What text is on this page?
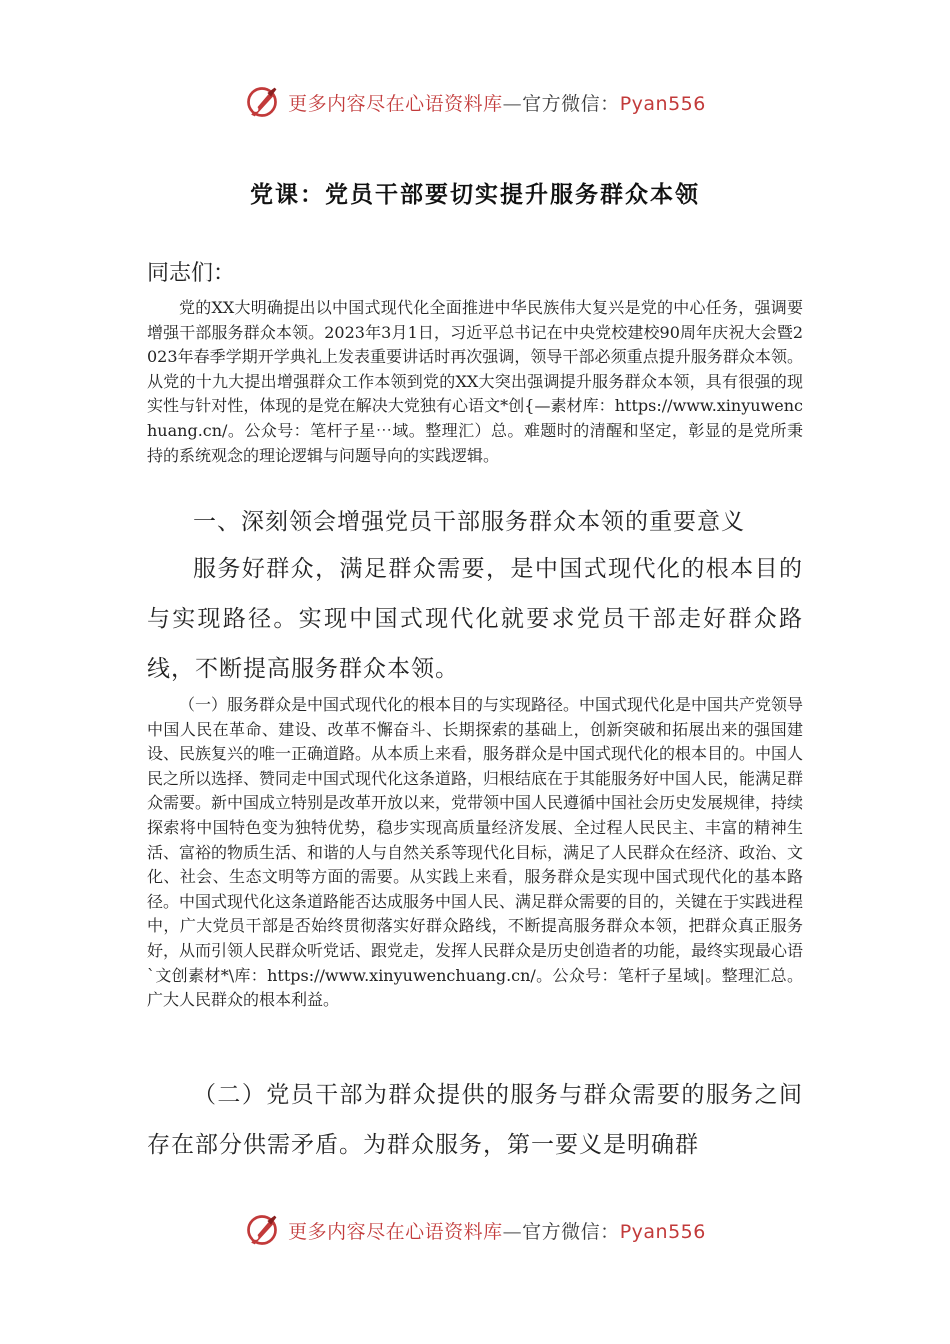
更多内容尽在心语资料库—官方微信：Pyan556
党课：党员干部要切实提升服务群众本领
同志们：

党的XX大明确提出以中国式现代化全面推进中华民族伟大复兴是党的中心任务，强调要增强干部服务群众本领。2023年3月1日，习近平总书记在中央党校建校90周年庆祝大会暨2023年春季学期开学典礼上发表重要讲话时再次强调，领导干部必须重点提升服务群众本领。从党的十九大提出增强群众工作本领到党的XX大突出强调提升服务群众本领，具有很强的现实性与针对性，体现的是党在解决大党独有心语文*创{—素材库：https://www.xinyuwenchuang.cn/。公众号：笔杆子星⋯域。整理汇）总。难题时的清醒和坚定，彰显的是党所秉持的系统观念的理论逻辑与问题导向的实践逻辑。

一、深刻领会增强党员干部服务群众本领的重要意义

服务好群众，满足群众需要，是中国式现代化的根本目的与实现路径。实现中国式现代化就要求党员干部走好群众路线，不断提高服务群众本领。

（一）服务群众是中国式现代化的根本目的与实现路径。中国式现代化是中国共产党领导中国人民在革命、建设、改革不懈奋斗、长期探索的基础上，创新突破和拓展出来的强国建设、民族复兴的唯一正确道路。从本质上来看，服务群众是中国式现代化的根本目的。中国人民之所以选择、赞同走中国式现代化这条道路，归根结底在于其能服务好中国人民，能满足群众需要。新中国成立特别是改革开放以来，党带领中国人民遵循中国社会历史发展规律，持续探索将中国特色变为独特优势，稳步实现高质量经济发展、全过程人民民主、丰富的精神生活、富裕的物质生活、和谐的人与自然关系等现代化目标，满足了人民群众在经济、政治、文化、社会、生态文明等方面的需要。从实践上来看，服务群众是实现中国式现代化的基本路径。中国式现代化这条道路能否达成服务中国人民、满足群众需要的目的，关键在于实践进程中，广大党员干部是否始终贯彻落实好群众路线，不断提高服务群众本领，把群众真正服务好，从而引领人民群众听党话、跟党走，发挥人民群众是历史创造者的功能，最终实现最心语`文创素材*\库：https://www.xinyuwenchuang.cn/。公众号：笔杆子星域|。整理汇总。广大人民群众的根本利益。

（二）党员干部为群众提供的服务与群众需要的服务之间存在部分供需矛盾。为群众服务，第一要义是明确群

更多内容尽在心语资料库—官方微信：Pyan556
